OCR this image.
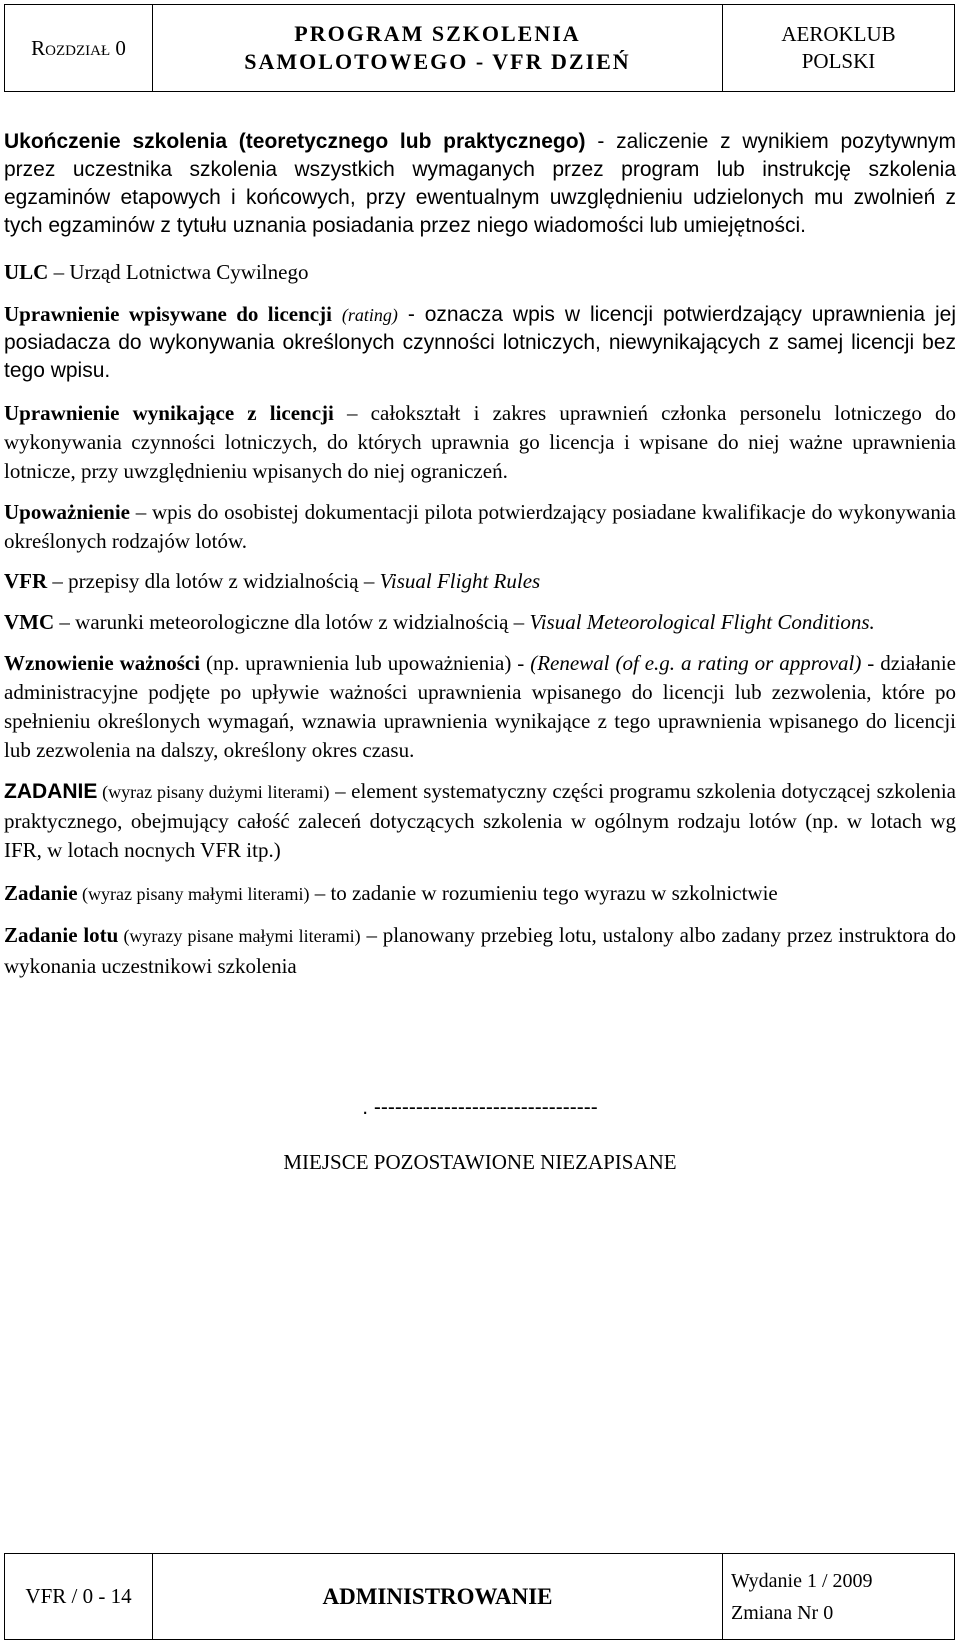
Rozdział 0
PROGRAM SZKOLENIA
SAMOLOTOWEGO - VFR DZIEŃ
AEROKLUB
POLSKI

Ukończenie szkolenia (teoretycznego lub praktycznego) - zaliczenie z wynikiem pozytywnym przez uczestnika szkolenia wszystkich wymaganych przez program lub instrukcję szkolenia egzaminów etapowych i końcowych, przy ewentualnym uwzględnieniu udzielonych mu zwolnień z tych egzaminów z tytułu uznania posiadania przez niego wiadomości lub umiejętności.

ULC – Urząd Lotnictwa Cywilnego

Uprawnienie wpisywane do licencji (rating) - oznacza wpis w licencji potwierdzający uprawnienia jej posiadacza do wykonywania określonych czynności lotniczych, niewynikających z samej licencji bez tego wpisu.

Uprawnienie wynikające z licencji – całokształt i zakres uprawnień członka personelu lotniczego do wykonywania czynności lotniczych, do których uprawnia go licencja i wpisane do niej ważne uprawnienia lotnicze, przy uwzględnieniu wpisanych do niej ograniczeń.

Upoważnienie – wpis do osobistej dokumentacji pilota potwierdzający posiadane kwalifikacje do wykonywania określonych rodzajów lotów.

VFR – przepisy dla lotów z widzialnością – Visual Flight Rules

VMC – warunki meteorologiczne dla lotów z widzialnością – Visual Meteorological Flight Conditions.

Wznowienie ważności (np. uprawnienia lub upoważnienia) - (Renewal (of e.g. a rating or approval) - działanie administracyjne podjęte po upływie ważności uprawnienia wpisanego do licencji lub zezwolenia, które po spełnieniu określonych wymagań, wznawia uprawnienia wynikające z tego uprawnienia wpisanego do licencji lub zezwolenia na dalszy, określony okres czasu.

ZADANIE (wyraz pisany dużymi literami) – element systematyczny części programu szkolenia dotyczącej szkolenia praktycznego, obejmujący całość zaleceń dotyczących szkolenia w ogólnym rodzaju lotów (np. w lotach wg IFR, w lotach nocnych VFR itp.)

Zadanie (wyraz pisany małymi literami) – to zadanie w rozumieniu tego wyrazu w szkolnictwie

Zadanie lotu (wyrazy pisane małymi literami) – planowany przebieg lotu, ustalony albo zadany przez instruktora do wykonania uczestnikowi szkolenia

. --------------------------------
MIEJSCE POZOSTAWIONE NIEZAPISANE
VFR / 0 - 14	ADMINISTROWANIE
Wydanie 1 / 2009
Zmiana Nr 0
